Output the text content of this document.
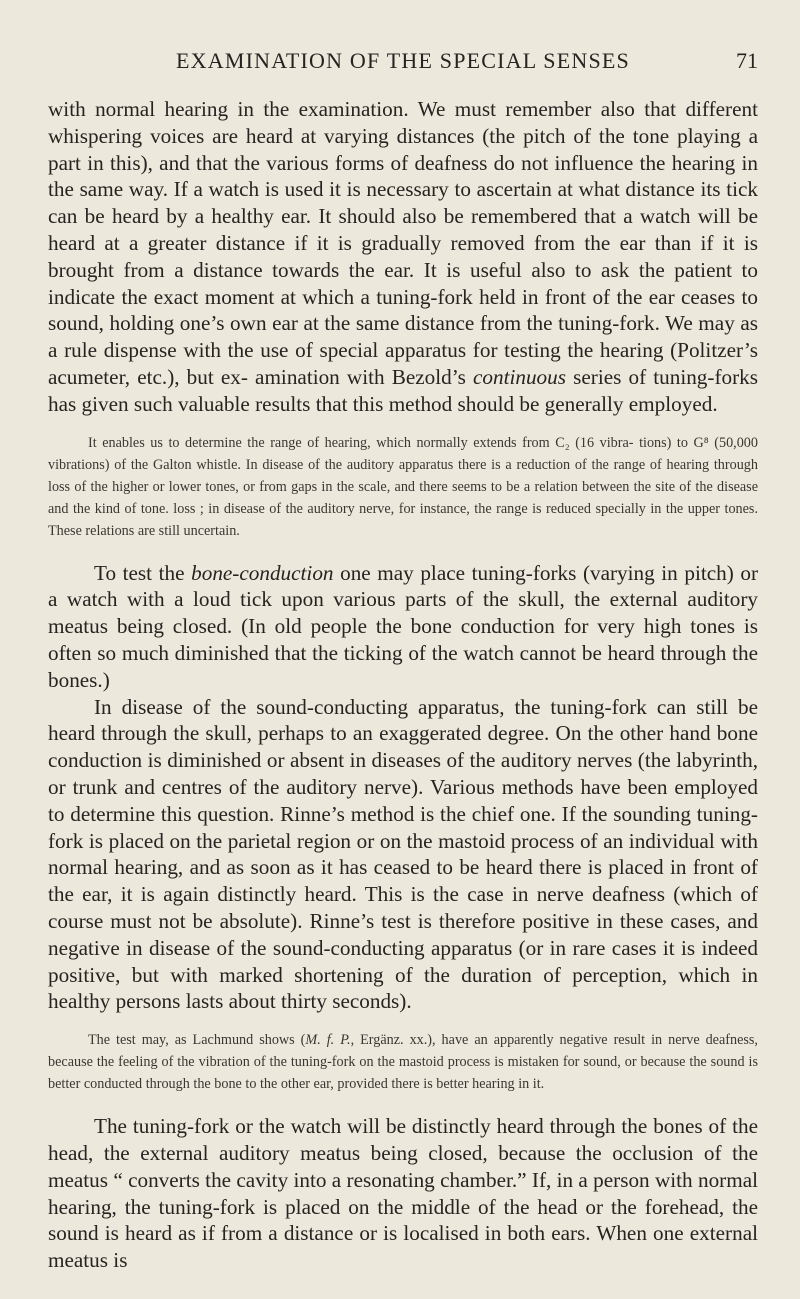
EXAMINATION OF THE SPECIAL SENSES	71

with normal hearing in the examination. We must remember also that different whispering voices are heard at varying distances (the pitch of the tone playing a part in this), and that the various forms of deafness do not influence the hearing in the same way. If a watch is used it is necessary to ascertain at what distance its tick can be heard by a healthy ear. It should also be remembered that a watch will be heard at a greater distance if it is gradually removed from the ear than if it is brought from a distance towards the ear. It is useful also to ask the patient to indicate the exact moment at which a tuning-fork held in front of the ear ceases to sound, holding one’s own ear at the same distance from the tuning-fork. We may as a rule dispense with the use of special apparatus for testing the hearing (Politzer’s acumeter, etc.), but ex- amination with Bezold’s continuous series of tuning-forks has given such valuable results that this method should be generally employed.

It enables us to determine the range of hearing, which normally extends from C₂ (16 vibra- tions) to G⁸ (50,000 vibrations) of the Galton whistle. In disease of the auditory apparatus there is a reduction of the range of hearing through loss of the higher or lower tones, or from gaps in the scale, and there seems to be a relation between the site of the disease and the kind of tone. loss ; in disease of the auditory nerve, for instance, the range is reduced specially in the upper tones. These relations are still uncertain.

To test the bone-conduction one may place tuning-forks (varying in pitch) or a watch with a loud tick upon various parts of the skull, the external auditory meatus being closed. (In old people the bone conduction for very high tones is often so much diminished that the ticking of the watch cannot be heard through the bones.)

In disease of the sound-conducting apparatus, the tuning-fork can still be heard through the skull, perhaps to an exaggerated degree. On the other hand bone conduction is diminished or absent in diseases of the auditory nerves (the labyrinth, or trunk and centres of the auditory nerve). Various methods have been employed to determine this question. Rinne’s method is the chief one. If the sounding tuning- fork is placed on the parietal region or on the mastoid process of an individual with normal hearing, and as soon as it has ceased to be heard there is placed in front of the ear, it is again distinctly heard. This is the case in nerve deafness (which of course must not be absolute). Rinne’s test is therefore positive in these cases, and negative in disease of the sound-conducting apparatus (or in rare cases it is indeed positive, but with marked shortening of the duration of perception, which in healthy persons lasts about thirty seconds).

The test may, as Lachmund shows (M. f. P., Ergänz. xx.), have an apparently negative result in nerve deafness, because the feeling of the vibration of the tuning-fork on the mastoid process is mistaken for sound, or because the sound is better conducted through the bone to the other ear, provided there is better hearing in it.

The tuning-fork or the watch will be distinctly heard through the bones of the head, the external auditory meatus being closed, because the occlusion of the meatus “ converts the cavity into a resonating chamber.” If, in a person with normal hearing, the tuning-fork is placed on the middle of the head or the forehead, the sound is heard as if from a distance or is localised in both ears. When one external meatus is
